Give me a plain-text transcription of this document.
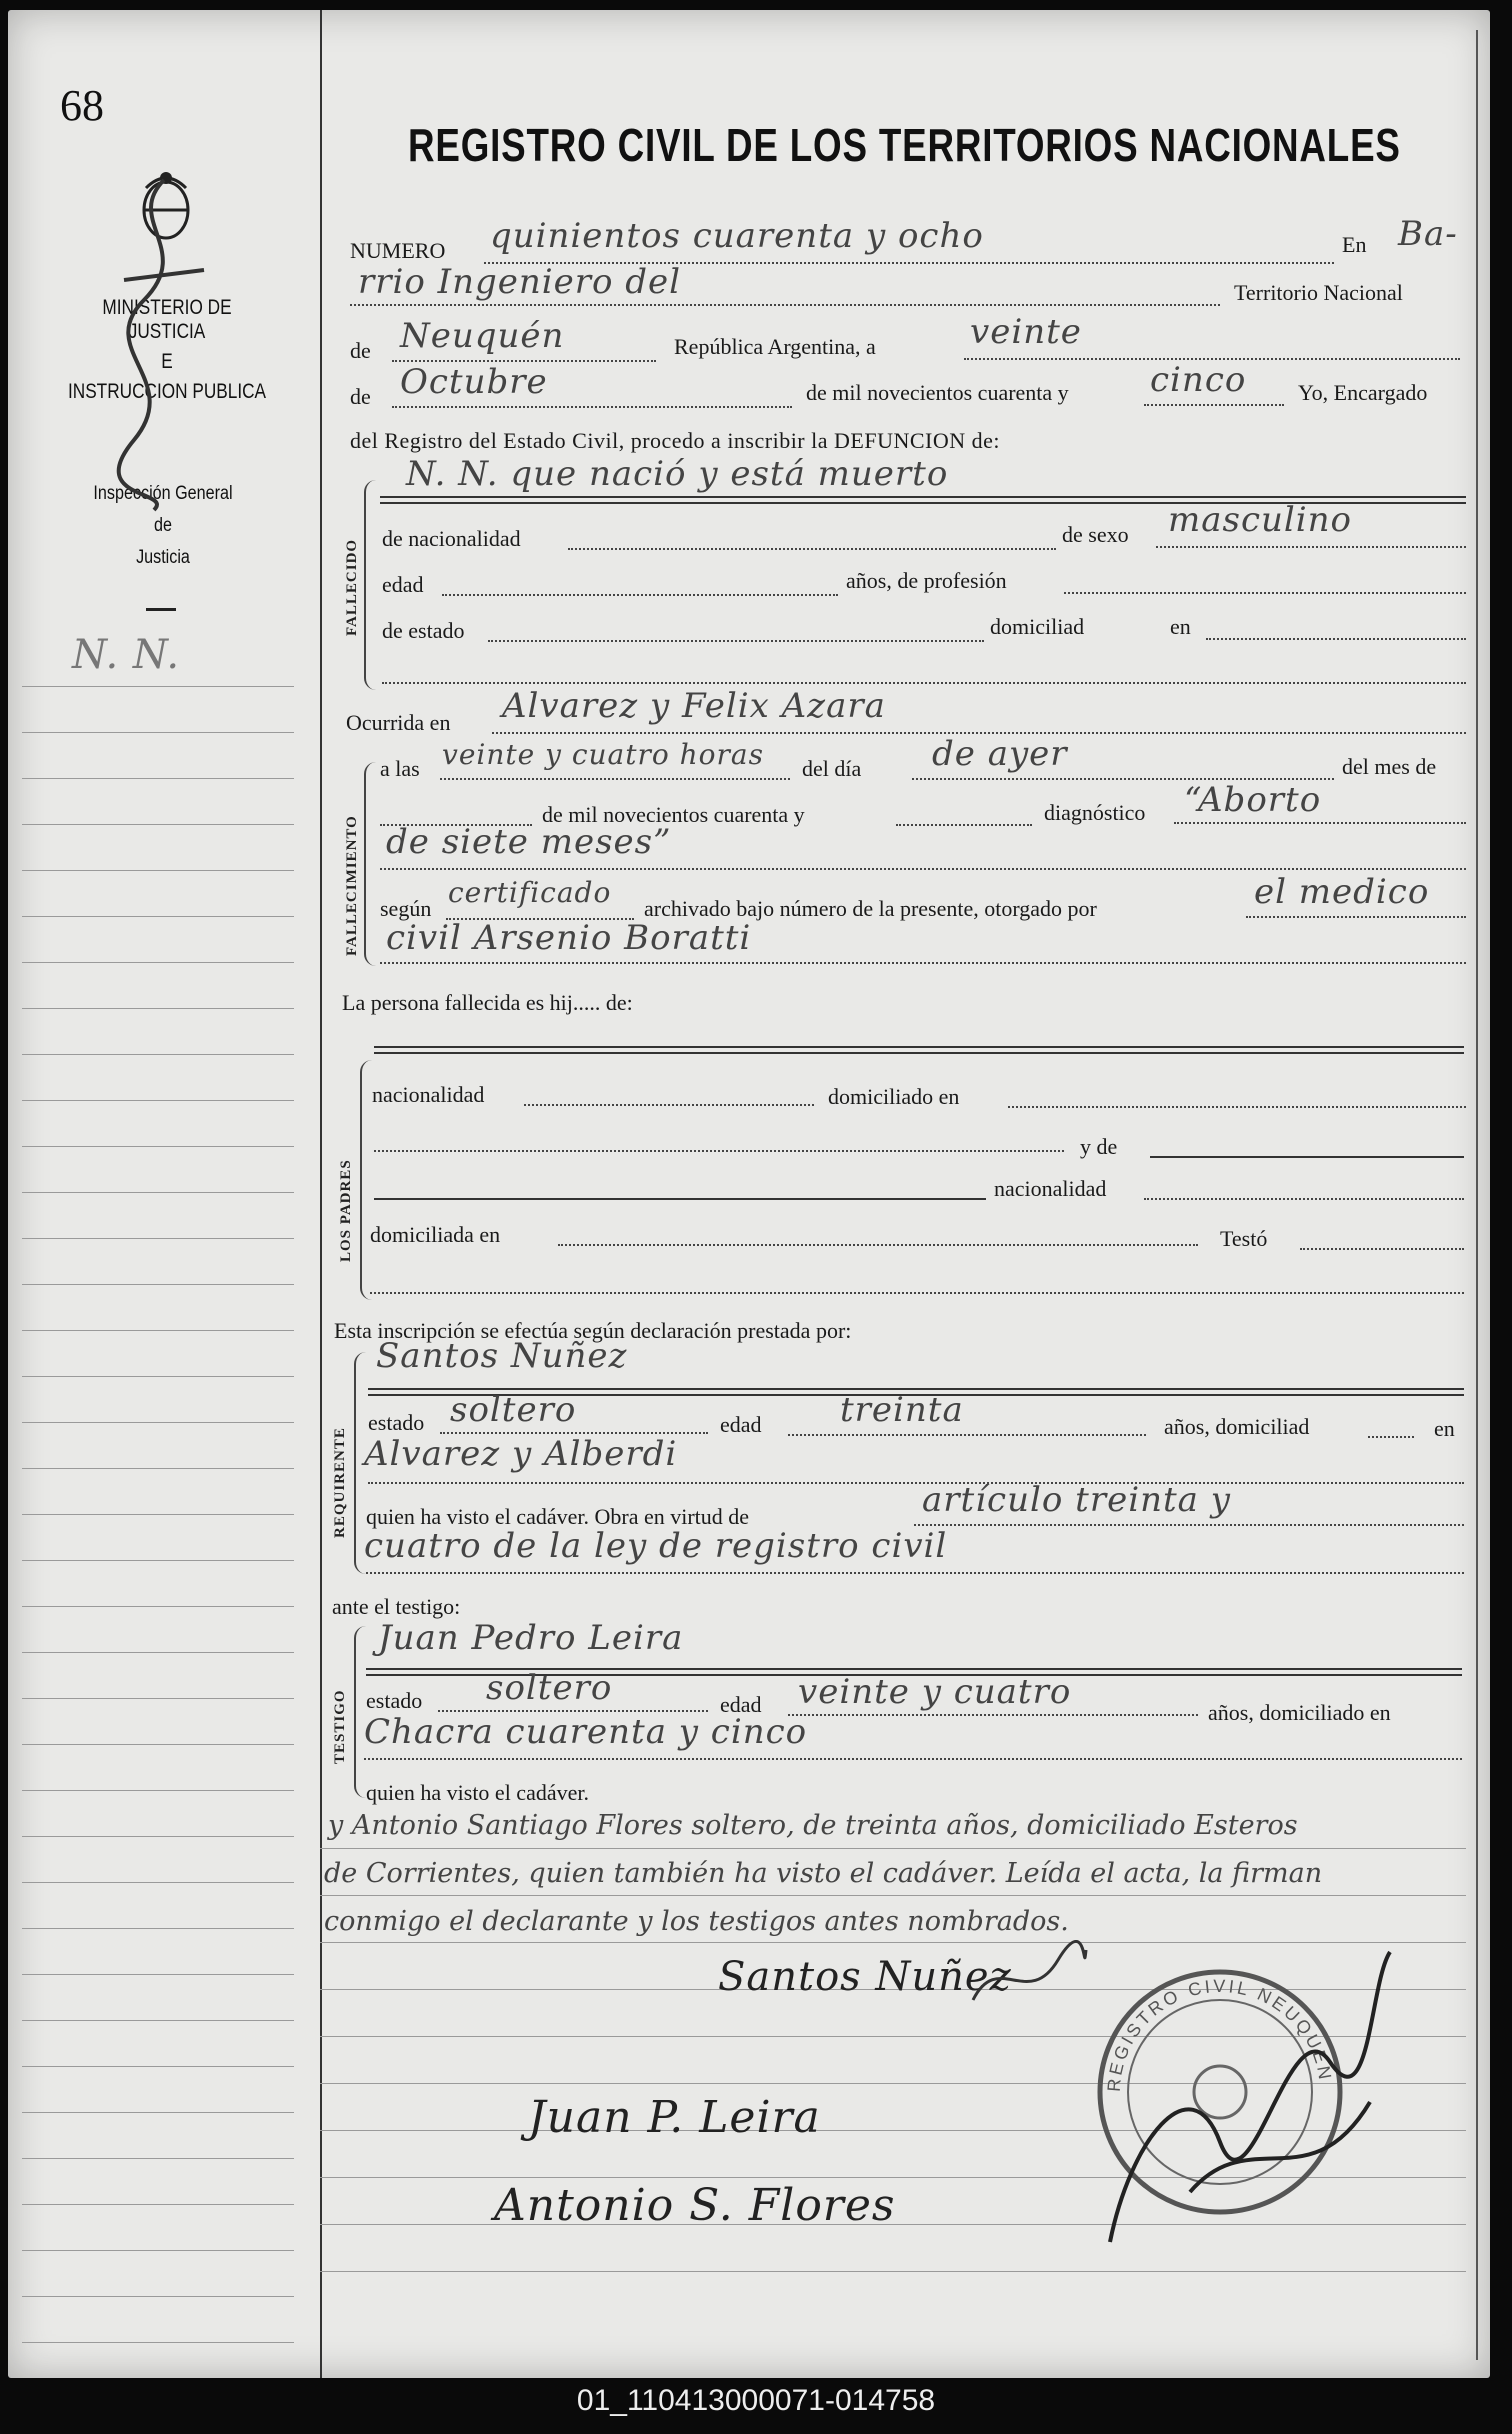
68
MINISTERIO DE JUSTICIA
E
INSTRUCCION PUBLICA
Inspección General
de
Justicia
N. N.
REGISTRO CIVIL DE LOS TERRITORIOS NACIONALES
NUMERO quinientos cuarenta y ocho	En Ba-
rrio Ingeniero del	Territorio Nacional
de Neuquén	República Argentina, a	veinte
de Octubre	de mil novecientos cuarenta y cinco Yo, Encargado
del Registro del Estado Civil, procedo a inscribir la DEFUNCION de:
FALLECIDO
N. N. que nació y está muerto
de nacionalidad	de sexo masculino
edad	años, de profesión
de estado	domiciliad	en
Ocurrida en Alvarez y Felix Azara
FALLECIMIENTO
a las veinte y cuatro horas del día de ayer	del mes de
de mil novecientos cuarenta y	diagnóstico “Aborto
de siete meses”
según certificado archivado bajo número de la presente, otorgado por	el medico
civil Arsenio Boratti
La persona fallecida es hij..... de:
LOS PADRES
nacionalidad	domiciliado en
y de
nacionalidad
domiciliada en	Testó
Esta inscripción se efectúa según declaración prestada por:
REQUIRENTE
Santos Nuñez
estado soltero	edad treinta	años, domiciliad	en
Alvarez y Alberdi
quien ha visto el cadáver. Obra en virtud de	artículo treinta y
cuatro de la ley de registro civil
ante el testigo:
TESTIGO
Juan Pedro Leira
estado soltero	edad veinte y cuatro
años, domiciliado en
Chacra cuarenta y cinco
quien ha visto el cadáver.
y Antonio Santiago Flores soltero, de treinta años, domiciliado Esteros
de Corrientes, quien también ha visto el cadáver. Leída el acta, la firman
conmigo el declarante y los testigos antes nombrados.
Santos Nuñez
Juan P. Leira
Antonio S. Flores
REGISTRO CIVIL NEUQUEN
01_110413000071-014758
